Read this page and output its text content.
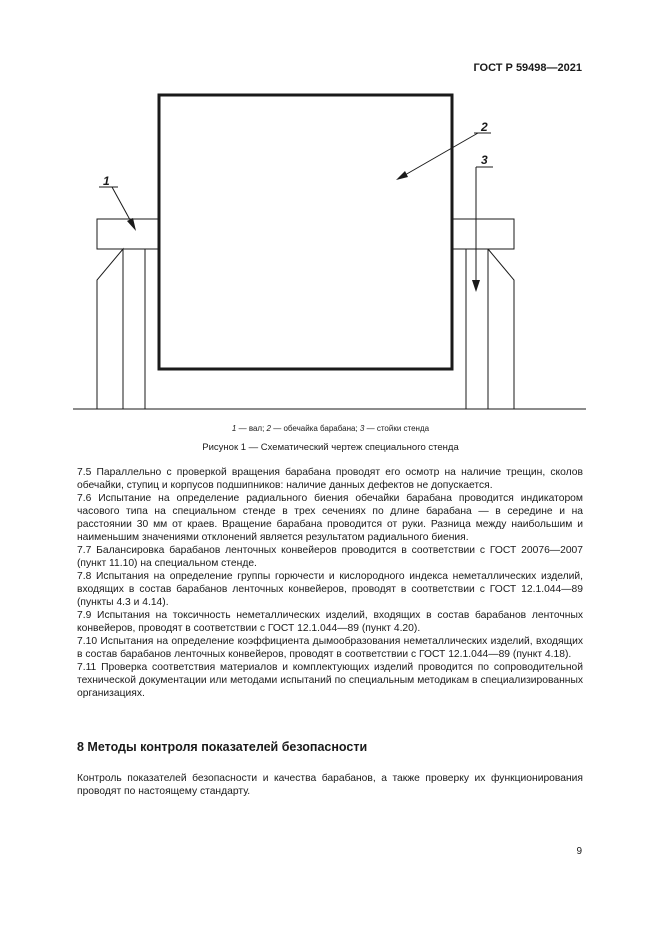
ГОСТ Р 59498—2021
1
2
3
1 — вал; 2 — обечайка барабана; 3 — стойки стенда
Рисунок 1 — Схематический чертеж специального стенда

7.5 Параллельно с проверкой вращения барабана проводят его осмотр на наличие трещин, сколов обечайки, ступиц и корпусов подшипников: наличие данных дефектов не допускается.

7.6 Испытание на определение радиального биения обечайки барабана проводится индикатором часового типа на специальном стенде в трех сечениях по длине барабана — в середине и на расстоянии 30 мм от краев. Вращение барабана проводится от руки. Разница между наибольшим и наименьшим значениями отклонений является результатом радиального биения.

7.7 Балансировка барабанов ленточных конвейеров проводится в соответствии с ГОСТ 20076—2007 (пункт 11.10) на специальном стенде.

7.8 Испытания на определение группы горючести и кислородного индекса неметаллических изделий, входящих в состав барабанов ленточных конвейеров, проводят в соответствии с ГОСТ 12.1.044—89 (пункты 4.3 и 4.14).

7.9 Испытания на токсичность неметаллических изделий, входящих в состав барабанов ленточных конвейеров, проводят в соответствии с ГОСТ 12.1.044—89 (пункт 4.20).

7.10 Испытания на определение коэффициента дымообразования неметаллических изделий, входящих в состав барабанов ленточных конвейеров, проводят в соответствии с ГОСТ 12.1.044—89 (пункт 4.18).

7.11 Проверка соответствия материалов и комплектующих изделий проводится по сопроводительной технической документации или методами испытаний по специальным методикам в специализированных организациях.

8 Методы контроля показателей безопасности

Контроль показателей безопасности и качества барабанов, а также проверку их функционирования проводят по настоящему стандарту.

9
